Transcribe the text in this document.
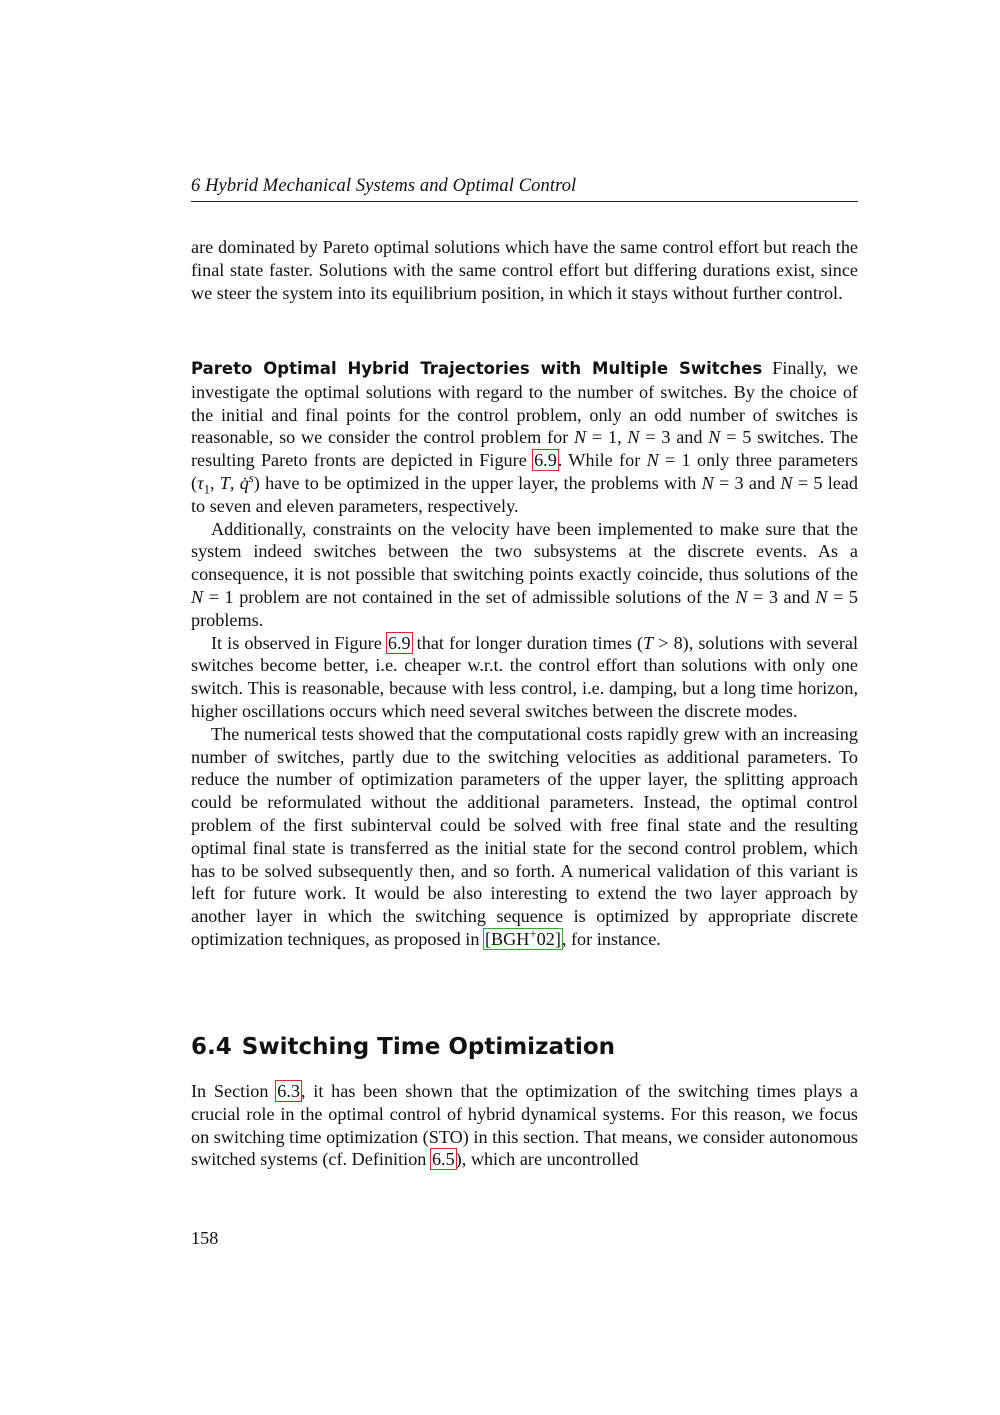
6 Hybrid Mechanical Systems and Optimal Control

are dominated by Pareto optimal solutions which have the same control effort but reach the final state faster. Solutions with the same control effort but differing durations exist, since we steer the system into its equilibrium position, in which it stays without further control.

Pareto Optimal Hybrid Trajectories with Multiple Switches Finally, we investigate the optimal solutions with regard to the number of switches. By the choice of the initial and final points for the control problem, only an odd number of switches is reasonable, so we consider the control problem for N = 1, N = 3 and N = 5 switches. The resulting Pareto fronts are depicted in Figure 6.9. While for N = 1 only three parameters ($\tau_1$, T, q̇$^s$) have to be optimized in the upper layer, the problems with N = 3 and N = 5 lead to seven and eleven parameters, respectively.

Additionally, constraints on the velocity have been implemented to make sure that the system indeed switches between the two subsystems at the discrete events. As a consequence, it is not possible that switching points exactly coincide, thus solutions of the N = 1 problem are not contained in the set of admissible solutions of the N = 3 and N = 5 problems.

It is observed in Figure 6.9 that for longer duration times (T > 8), solutions with several switches become better, i.e. cheaper w.r.t. the control effort than solutions with only one switch. This is reasonable, because with less control, i.e. damping, but a long time horizon, higher oscillations occurs which need several switches between the discrete modes.

The numerical tests showed that the computational costs rapidly grew with an increasing number of switches, partly due to the switching velocities as additional parameters. To reduce the number of optimization parameters of the upper layer, the splitting approach could be reformulated without the additional parameters. Instead, the optimal control problem of the first subinterval could be solved with free final state and the resulting optimal final state is transferred as the initial state for the second control problem, which has to be solved subsequently then, and so forth. A numerical validation of this variant is left for future work. It would be also interesting to extend the two layer approach by another layer in which the switching sequence is optimized by appropriate discrete optimization techniques, as proposed in [BGH+02], for instance.

6.4 Switching Time Optimization

In Section 6.3, it has been shown that the optimization of the switching times plays a crucial role in the optimal control of hybrid dynamical systems. For this reason, we focus on switching time optimization (STO) in this section. That means, we consider autonomous switched systems (cf. Definition 6.5), which are uncontrolled

158
